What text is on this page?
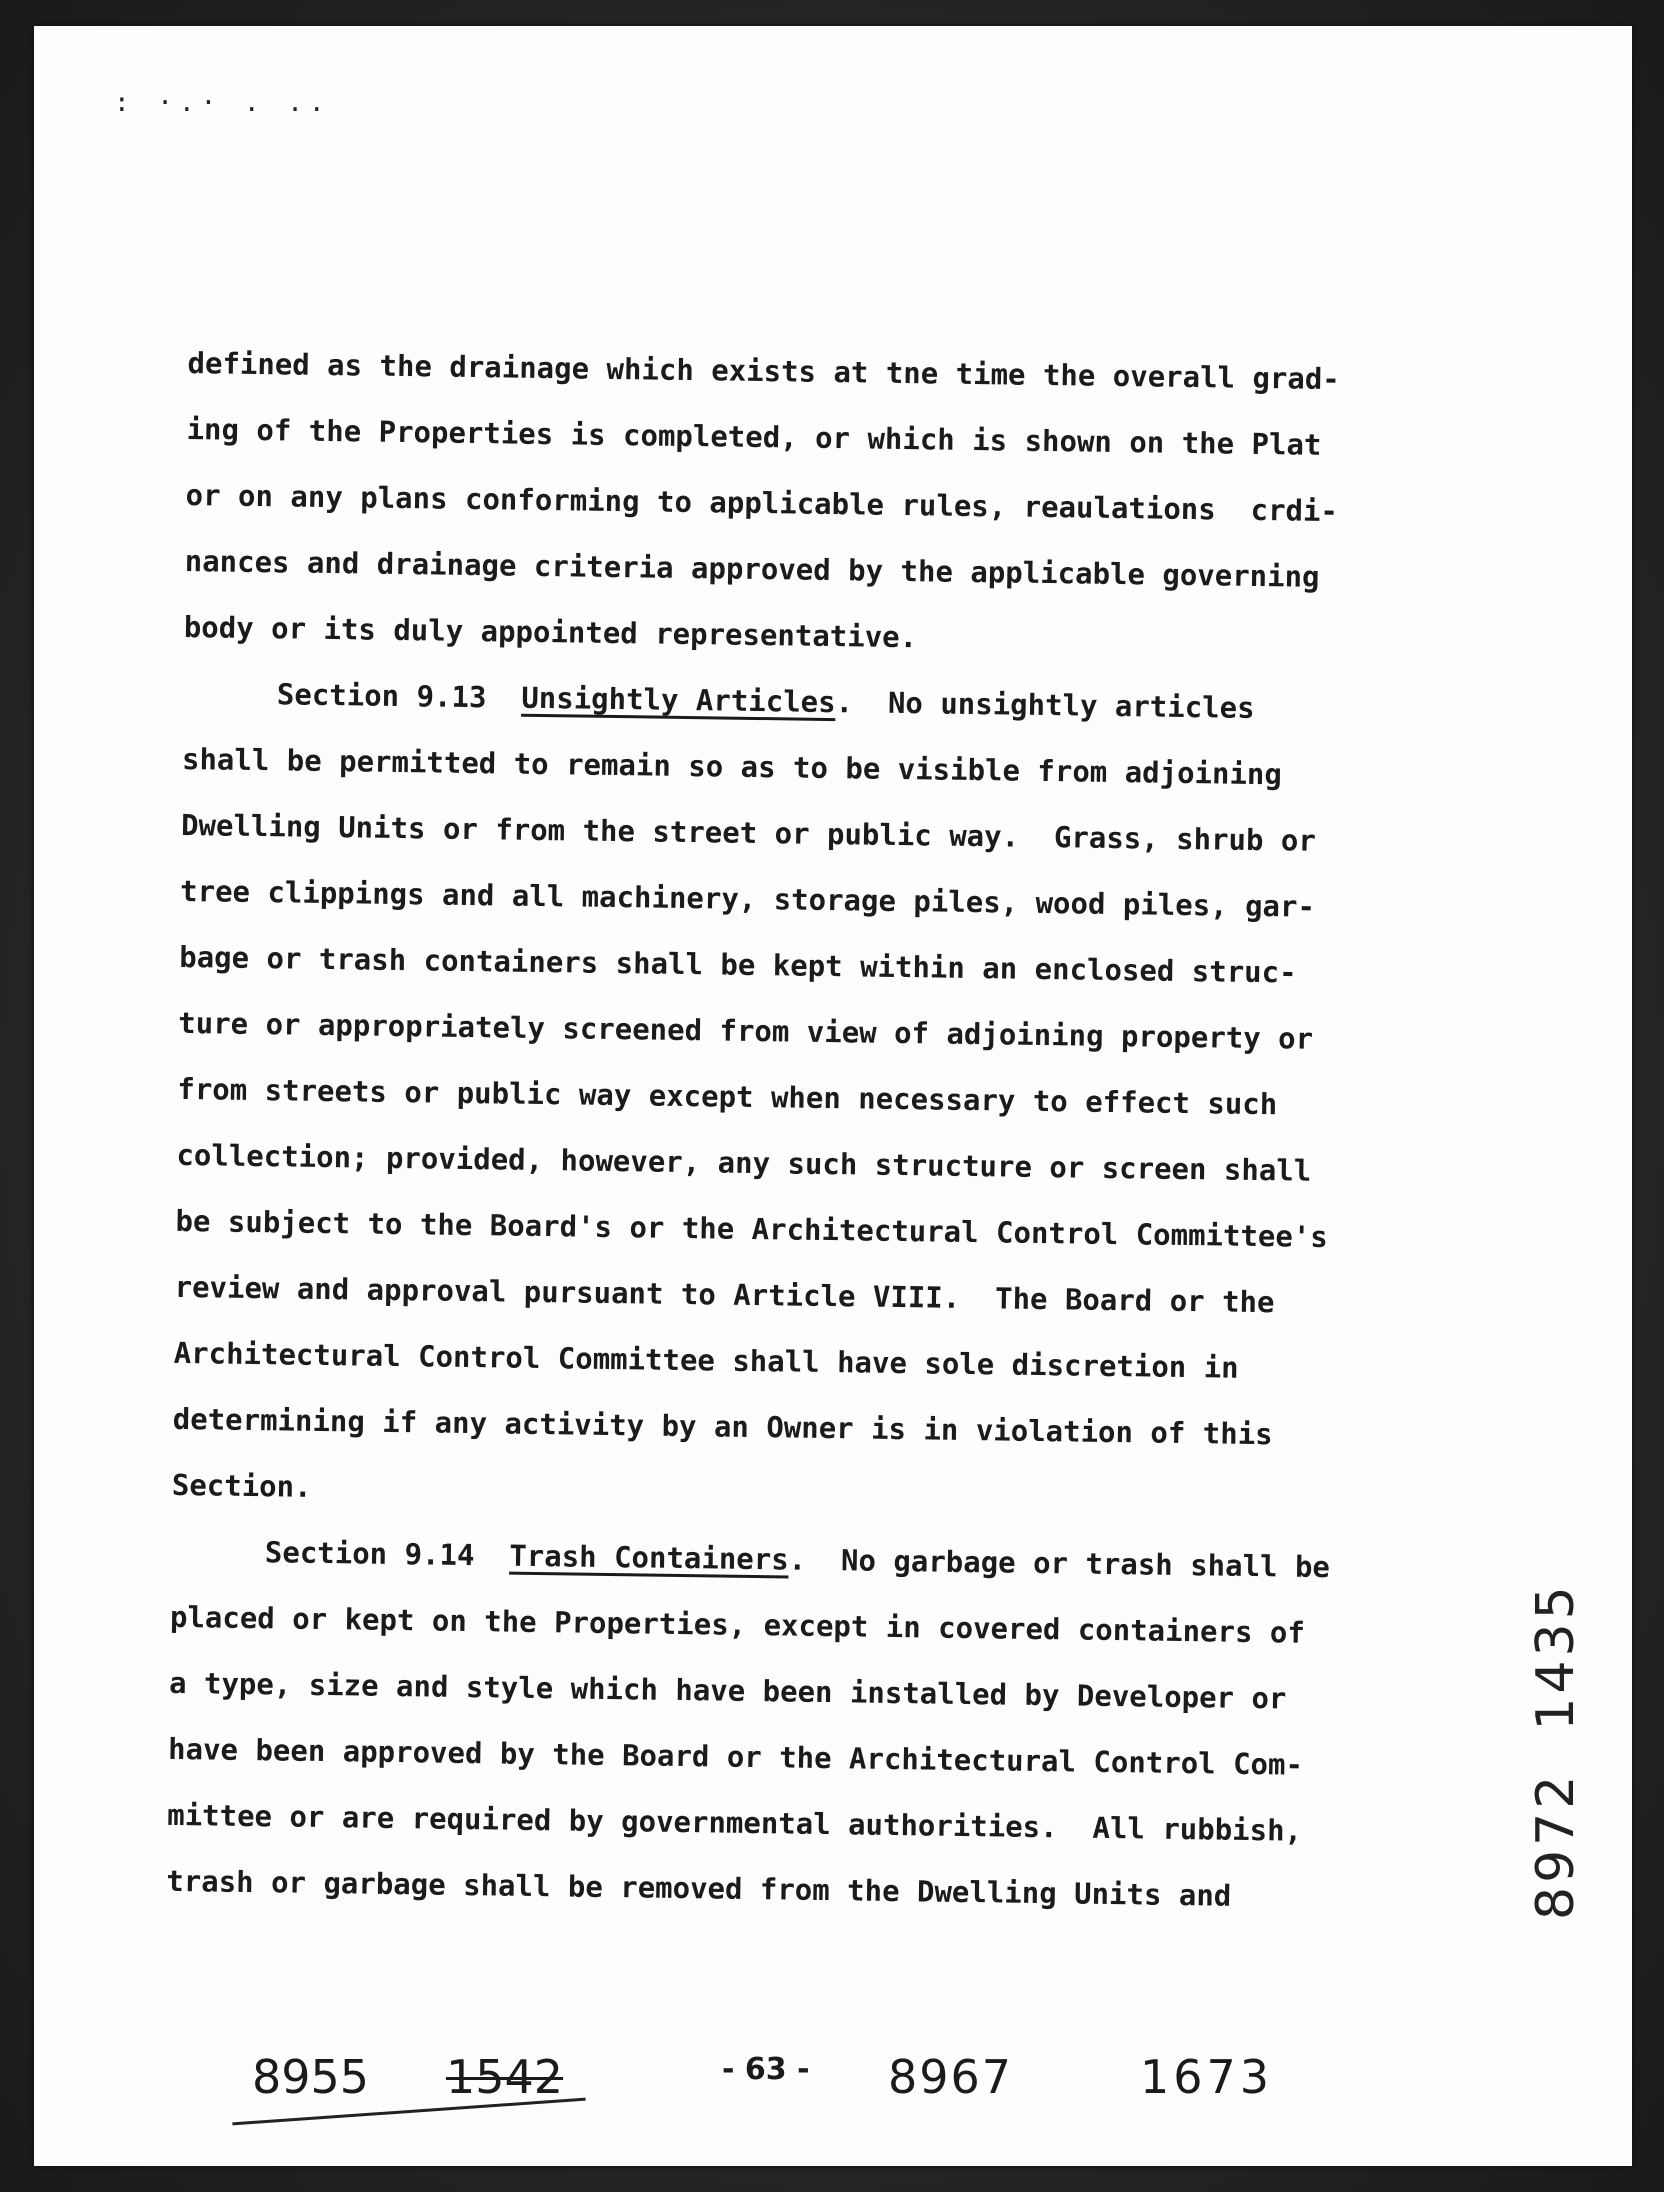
: ·.· . ..
defined as the drainage which exists at tne time the overall grad-
ing of the Properties is completed, or which is shown on the Plat
or on any plans conforming to applicable rules, reaulations  crdi-
nances and drainage criteria approved by the applicable governing
body or its duly appointed representative.
Section 9.13 Unsightly Articles.  No unsightly articles
shall be permitted to remain so as to be visible from adjoining
Dwelling Units or from the street or public way.  Grass, shrub or
tree clippings and all machinery, storage piles, wood piles, gar-
bage or trash containers shall be kept within an enclosed struc-
ture or appropriately screened from view of adjoining property or
from streets or public way except when necessary to effect such
collection; provided, however, any such structure or screen shall
be subject to the Board's or the Architectural Control Committee's
review and approval pursuant to Article VIII.  The Board or the
Architectural Control Committee shall have sole discretion in
determining if any activity by an Owner is in violation of this
Section.
Section 9.14 Trash Containers.  No garbage or trash shall be
placed or kept on the Properties, except in covered containers of
a type, size and style which have been installed by Developer or
have been approved by the Board or the Architectural Control Com-
mittee or are required by governmental authorities.  All rubbish,
trash or garbage shall be removed from the Dwelling Units and	8972  1435
8955 1542	- 63 - 8967	1673
